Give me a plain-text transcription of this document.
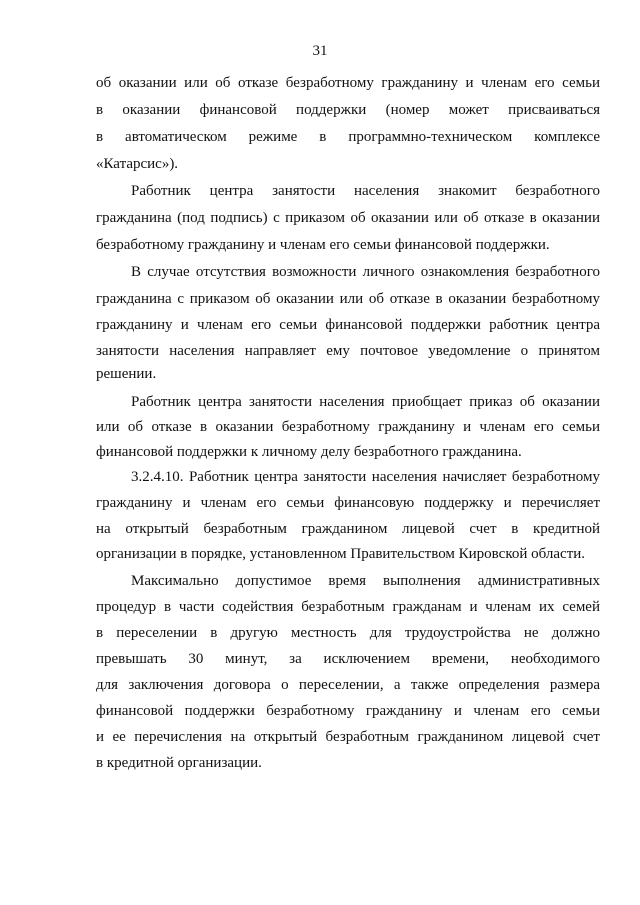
31
об оказании или об отказе безработному гражданину и членам его семьи
в оказании финансовой поддержки (номер может присваиваться
в автоматическом режиме в программно-техническом комплексе
«Катарсис»).
Работник центра занятости населения знакомит безработного
гражданина (под подпись) с приказом об оказании или об отказе в оказании
безработному гражданину и членам его семьи финансовой поддержки.
В случае отсутствия возможности личного ознакомления безработного
гражданина с приказом об оказании или об отказе в оказании безработному
гражданину и членам его семьи финансовой поддержки работник центра
занятости населения направляет ему почтовое уведомление о принятом
решении.
Работник центра занятости населения приобщает приказ об оказании
или об отказе в оказании безработному гражданину и членам его семьи
финансовой поддержки к личному делу безработного гражданина.
3.2.4.10. Работник центра занятости населения начисляет безработному
гражданину и членам его семьи финансовую поддержку и перечисляет
на открытый безработным гражданином лицевой счет в кредитной
организации в порядке, установленном Правительством Кировской области.
Максимально допустимое время выполнения административных
процедур в части содействия безработным гражданам и членам их семей
в переселении в другую местность для трудоустройства не должно
превышать 30 минут, за исключением времени, необходимого
для заключения договора о переселении, а также определения размера
финансовой поддержки безработному гражданину и членам его семьи
и ее перечисления на открытый безработным гражданином лицевой счет
в кредитной организации.
